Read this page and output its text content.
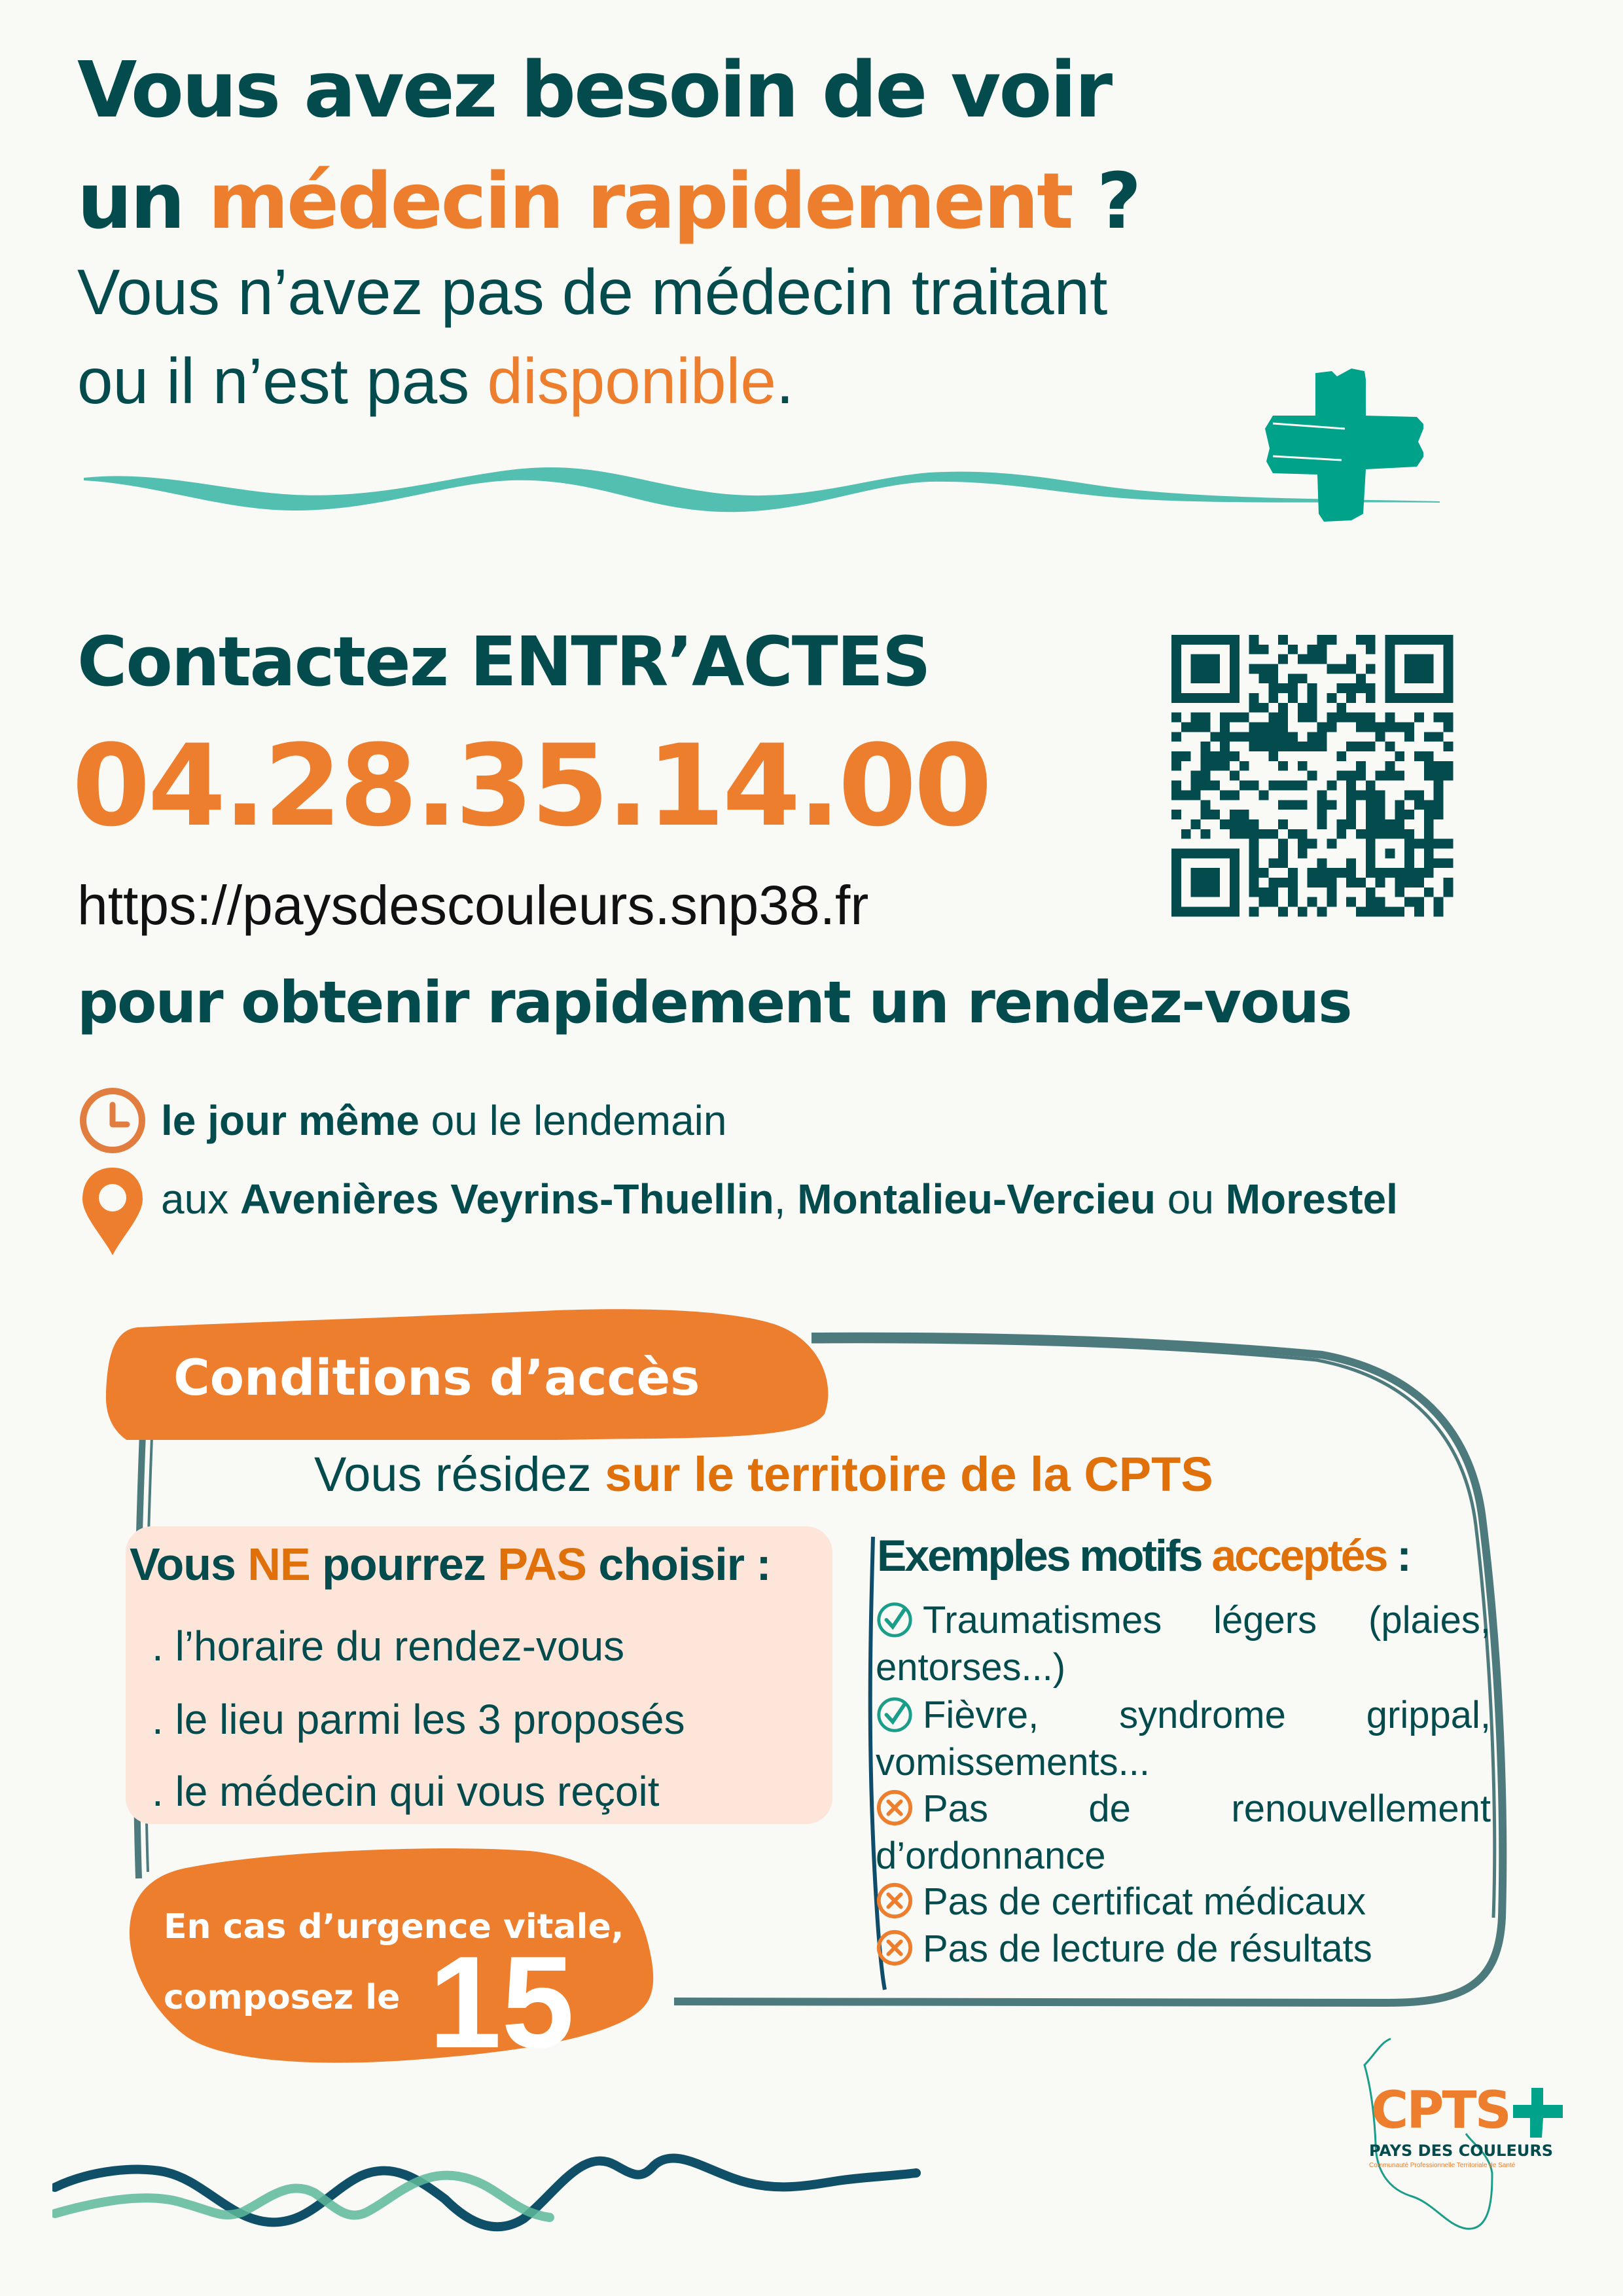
Vous avez besoin de voir
un médecin rapidement ?
Vous n’avez pas de médecin traitant
ou il n’est pas disponible.
Contactez ENTR’ACTES
04.28.35.14.00
https://paysdescouleurs.snp38.fr
pour obtenir rapidement un rendez-vous
le jour même ou le lendemain
aux Avenières Veyrins-Thuellin, Montalieu-Vercieu ou Morestel
Conditions d’accès
Vous résidez sur le territoire de la CPTS
Vous NE pourrez PAS choisir :
. l’horaire du rendez-vous
. le lieu parmi les 3 proposés
. le médecin qui vous reçoit
Exemples motifs acceptés :
Traumatismes légers (plaies, entorses...)
Fièvre, syndrome grippal, vomissements...
Pas de renouvellement d’ordonnance
Pas de certificat médicaux
Pas de lecture de résultats
En cas d’urgence vitale,
composez le 15
CPTS
PAYS DES COULEURS
Communauté Professionnelle Territoriale de Santé
